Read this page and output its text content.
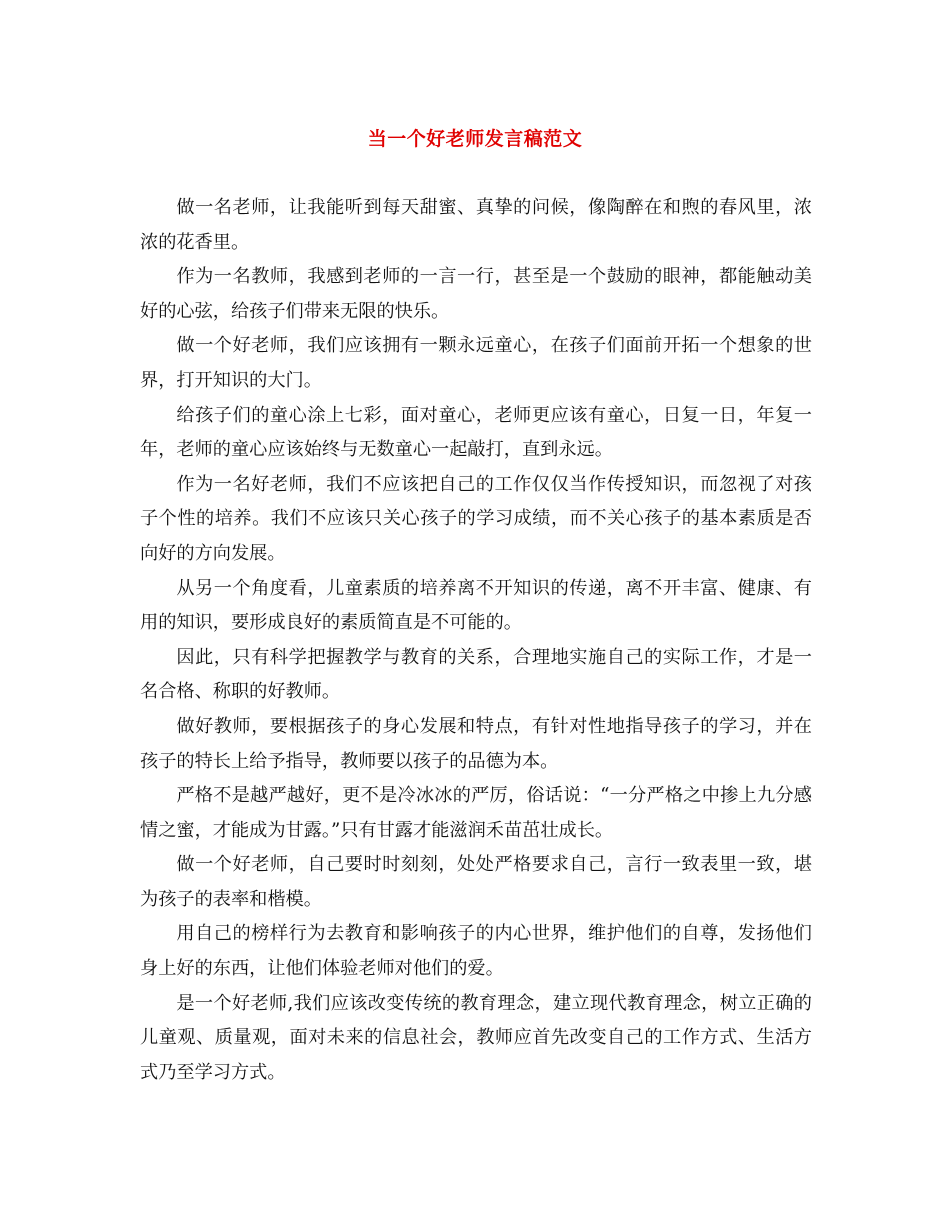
当一个好老师发言稿范文

做一名老师，让我能听到每天甜蜜、真挚的问候，像陶醉在和煦的春风里，浓浓的花香里。

作为一名教师，我感到老师的一言一行，甚至是一个鼓励的眼神，都能触动美好的心弦，给孩子们带来无限的快乐。

做一个好老师，我们应该拥有一颗永远童心，在孩子们面前开拓一个想象的世界，打开知识的大门。

给孩子们的童心涂上七彩，面对童心，老师更应该有童心，日复一日，年复一年，老师的童心应该始终与无数童心一起敲打，直到永远。

作为一名好老师，我们不应该把自己的工作仅仅当作传授知识，而忽视了对孩子个性的培养。我们不应该只关心孩子的学习成绩，而不关心孩子的基本素质是否向好的方向发展。

从另一个角度看，儿童素质的培养离不开知识的传递，离不开丰富、健康、有用的知识，要形成良好的素质简直是不可能的。

因此，只有科学把握教学与教育的关系，合理地实施自己的实际工作，才是一名合格、称职的好教师。

做好教师，要根据孩子的身心发展和特点，有针对性地指导孩子的学习，并在孩子的特长上给予指导，教师要以孩子的品德为本。

严格不是越严越好，更不是冷冰冰的严厉，俗话说：“一分严格之中掺上九分感情之蜜，才能成为甘露。”只有甘露才能滋润禾苗茁壮成长。

做一个好老师，自己要时时刻刻，处处严格要求自己，言行一致表里一致，堪为孩子的表率和楷模。

用自己的榜样行为去教育和影响孩子的内心世界，维护他们的自尊，发扬他们身上好的东西，让他们体验老师对他们的爱。

是一个好老师,我们应该改变传统的教育理念，建立现代教育理念，树立正确的儿童观、质量观，面对未来的信息社会，教师应首先改变自己的工作方式、生活方式乃至学习方式。
